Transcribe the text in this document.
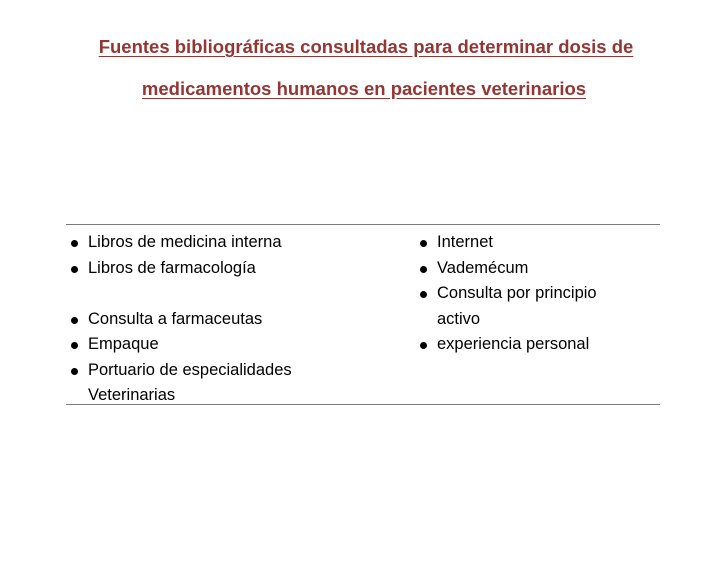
Fuentes bibliográficas consultadas para determinar dosis de
medicamentos humanos en pacientes veterinarios
Libros de medicina interna
Libros de farmacología
Consulta a farmaceutas
Empaque
Portuario de especialidades Veterinarias
Internet
Vademécum
Consulta por principio activo
experiencia personal
